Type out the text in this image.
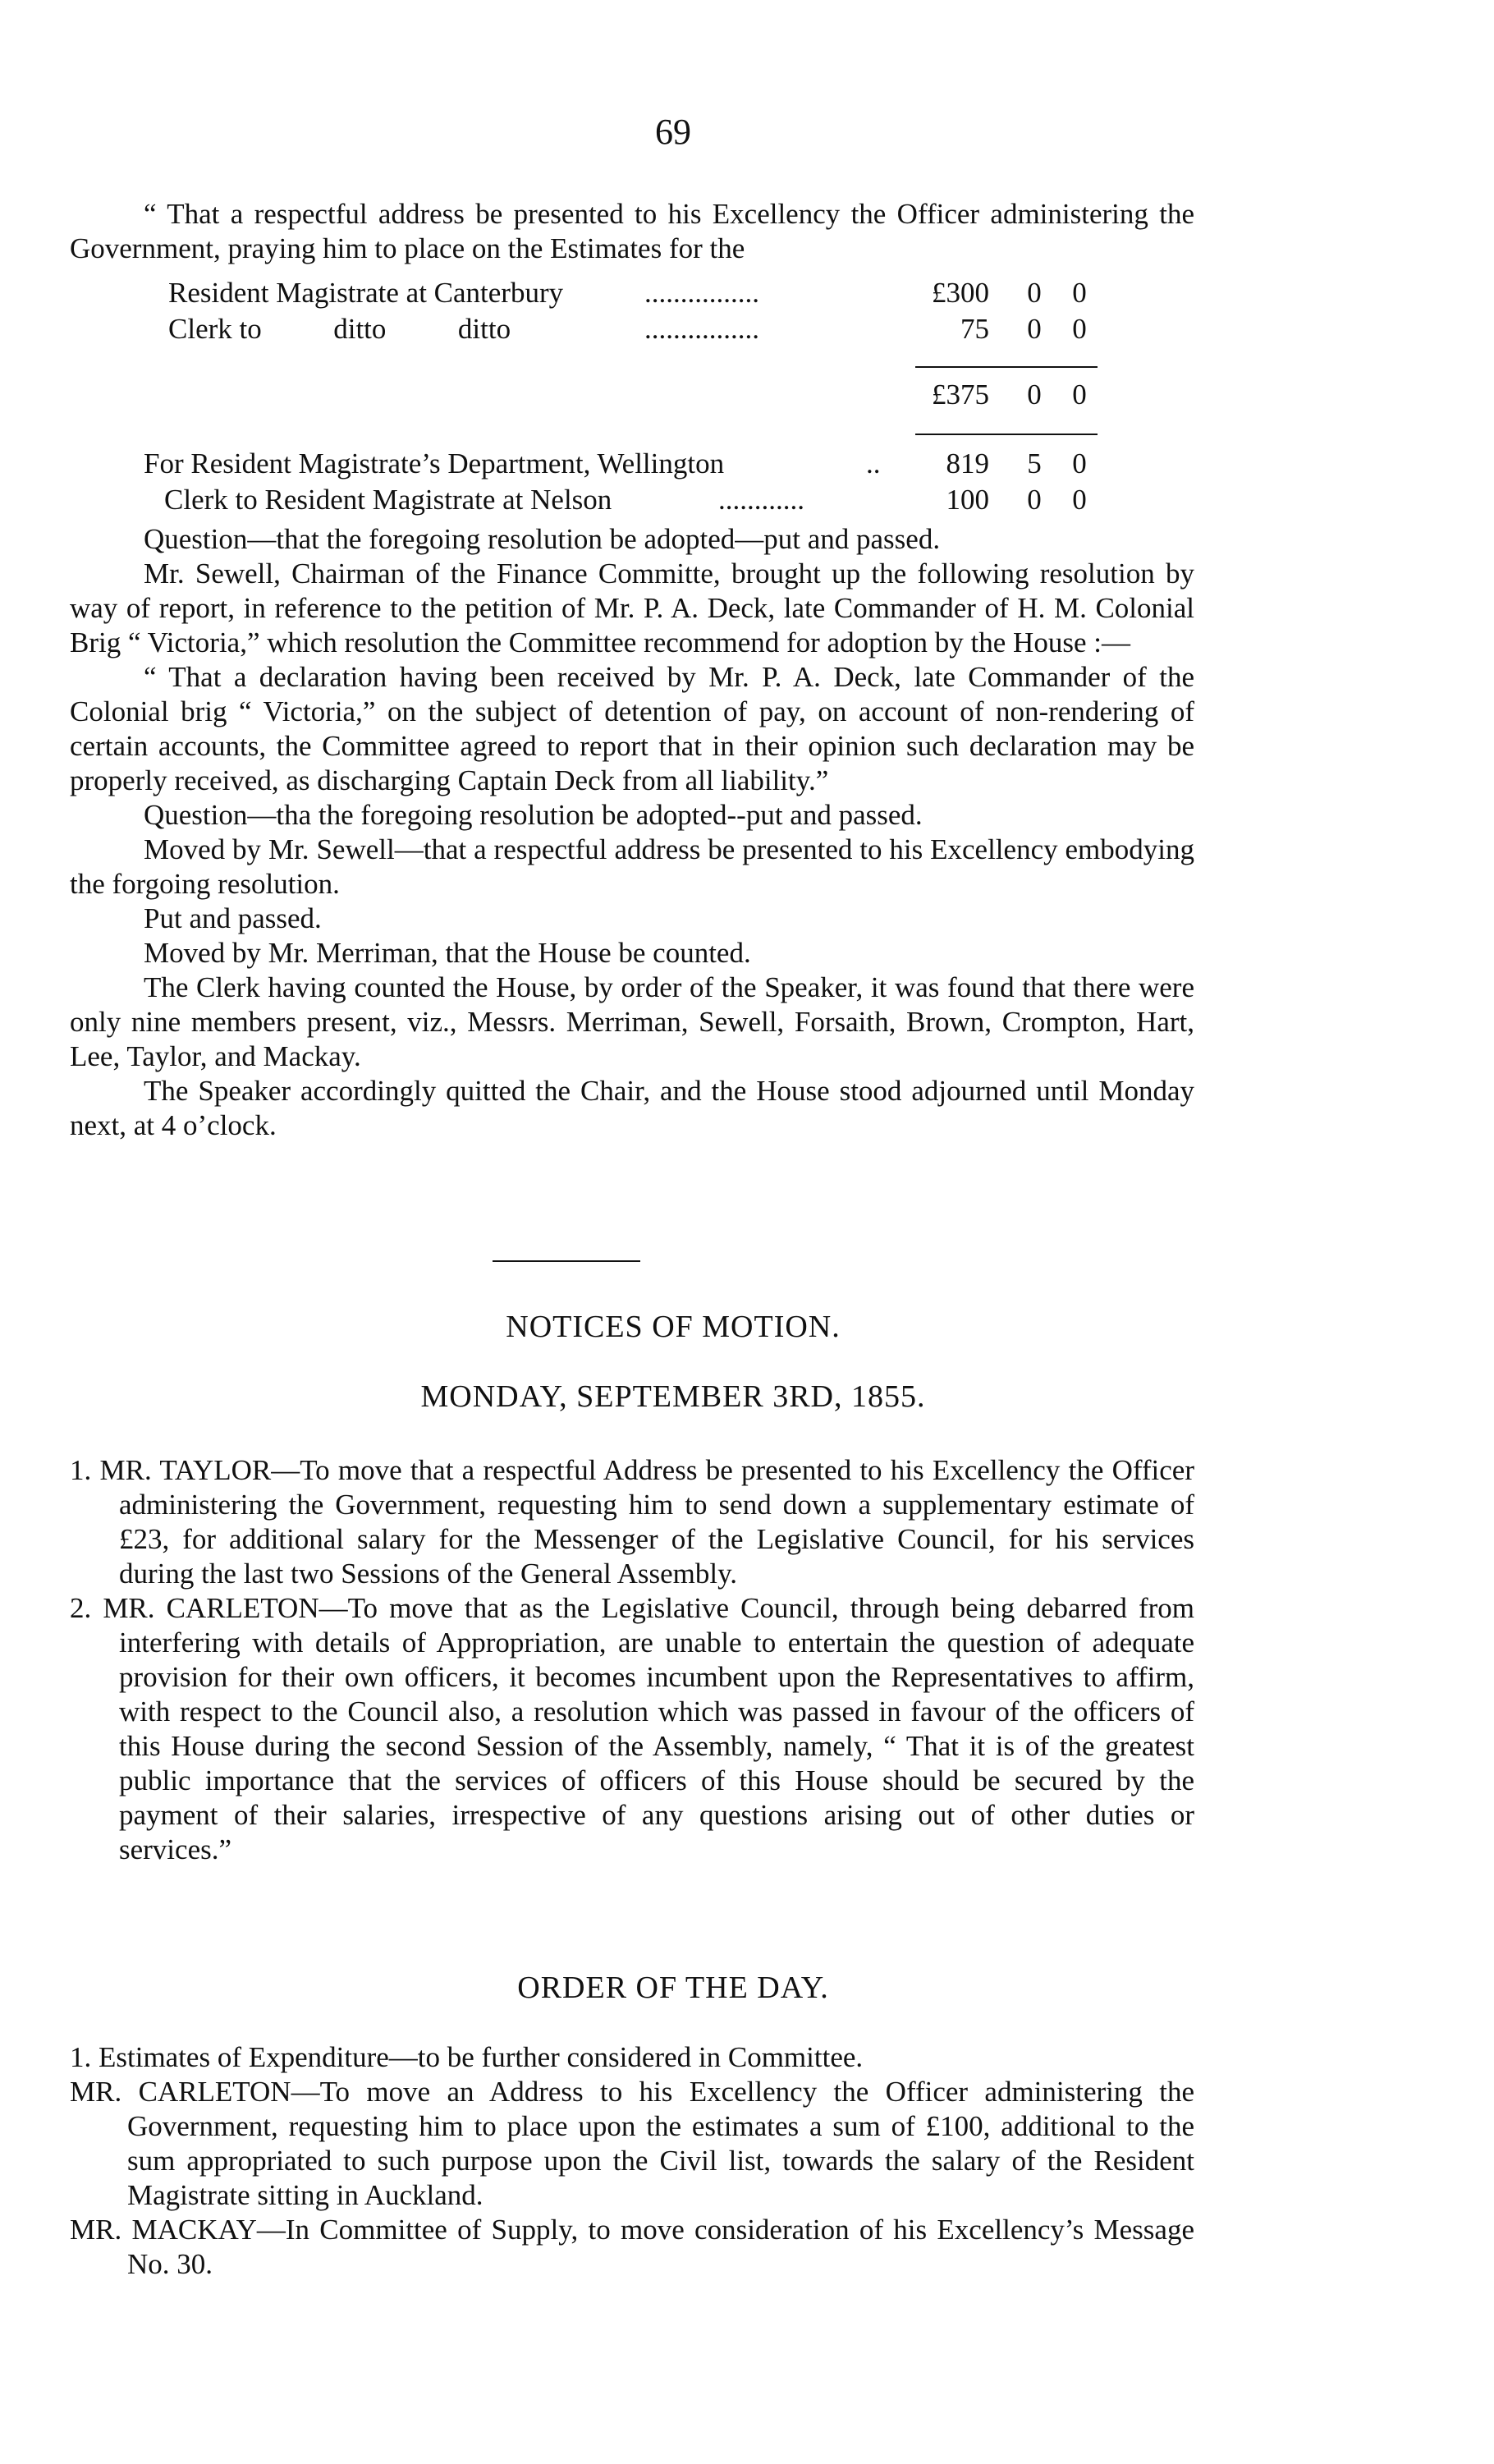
69

“ That a respectful address be presented to his Excellency the Officer administering the Government, praying him to place on the Estimates for the

Resident Magistrate at Canterbury	................	£300	0	0
Clerk to          ditto          ditto	................	75	0	0
£375	0	0
For Resident Magistrate’s Department, Wellington	..	819	5	0
Clerk to Resident Magistrate at Nelson	............	100	0	0

Question—that the foregoing resolution be adopted—put and passed.

Mr. Sewell, Chairman of the Finance Committe, brought up the following resolution by way of report, in reference to the petition of Mr. P. A. Deck, late Commander of H. M. Colonial Brig “ Victoria,” which resolution the Committee recommend for adoption by the House :—

“ That a declaration having been received by Mr. P. A. Deck, late Commander of the Colonial brig “ Victoria,” on the subject of detention of pay, on account of non-rendering of certain accounts, the Committee agreed to report that in their opinion such declaration may be properly received, as discharging Captain Deck from all liability.”

Question—tha the foregoing resolution be adopted--put and passed.

Moved by Mr. Sewell—that a respectful address be presented to his Excellency embodying the forgoing resolution.

Put and passed.

Moved by Mr. Merriman, that the House be counted.

The Clerk having counted the House, by order of the Speaker, it was found that there were only nine members present, viz., Messrs. Merriman, Sewell, Forsaith, Brown, Crompton, Hart, Lee, Taylor, and Mackay.

The Speaker accordingly quitted the Chair, and the House stood adjourned until Monday next, at 4 o’clock.

NOTICES OF MOTION.
MONDAY, SEPTEMBER 3RD, 1855.

1. MR. TAYLOR—To move that a respectful Address be presented to his Excellency the Officer administering the Government, requesting him to send down a supplementary estimate of £23, for additional salary for the Messenger of the Legislative Council, for his services during the last two Sessions of the General Assembly.

2. MR. CARLETON—To move that as the Legislative Council, through being debarred from interfering with details of Appropriation, are unable to entertain the question of adequate provision for their own officers, it becomes incumbent upon the Representatives to affirm, with respect to the Council also, a resolution which was passed in favour of the officers of this House during the second Session of the Assembly, namely, “ That it is of the greatest public importance that the services of officers of this House should be secured by the payment of their salaries, irrespective of any questions arising out of other duties or services.”

ORDER OF THE DAY.

1. Estimates of Expenditure—to be further considered in Committee.

MR. CARLETON—To move an Address to his Excellency the Officer administering the Government, requesting him to place upon the estimates a sum of £100, additional to the sum appropriated to such purpose upon the Civil list, towards the salary of the Resident Magistrate sitting in Auckland.

MR. MACKAY—In Committee of Supply, to move consideration of his Excellency’s Message No. 30.
